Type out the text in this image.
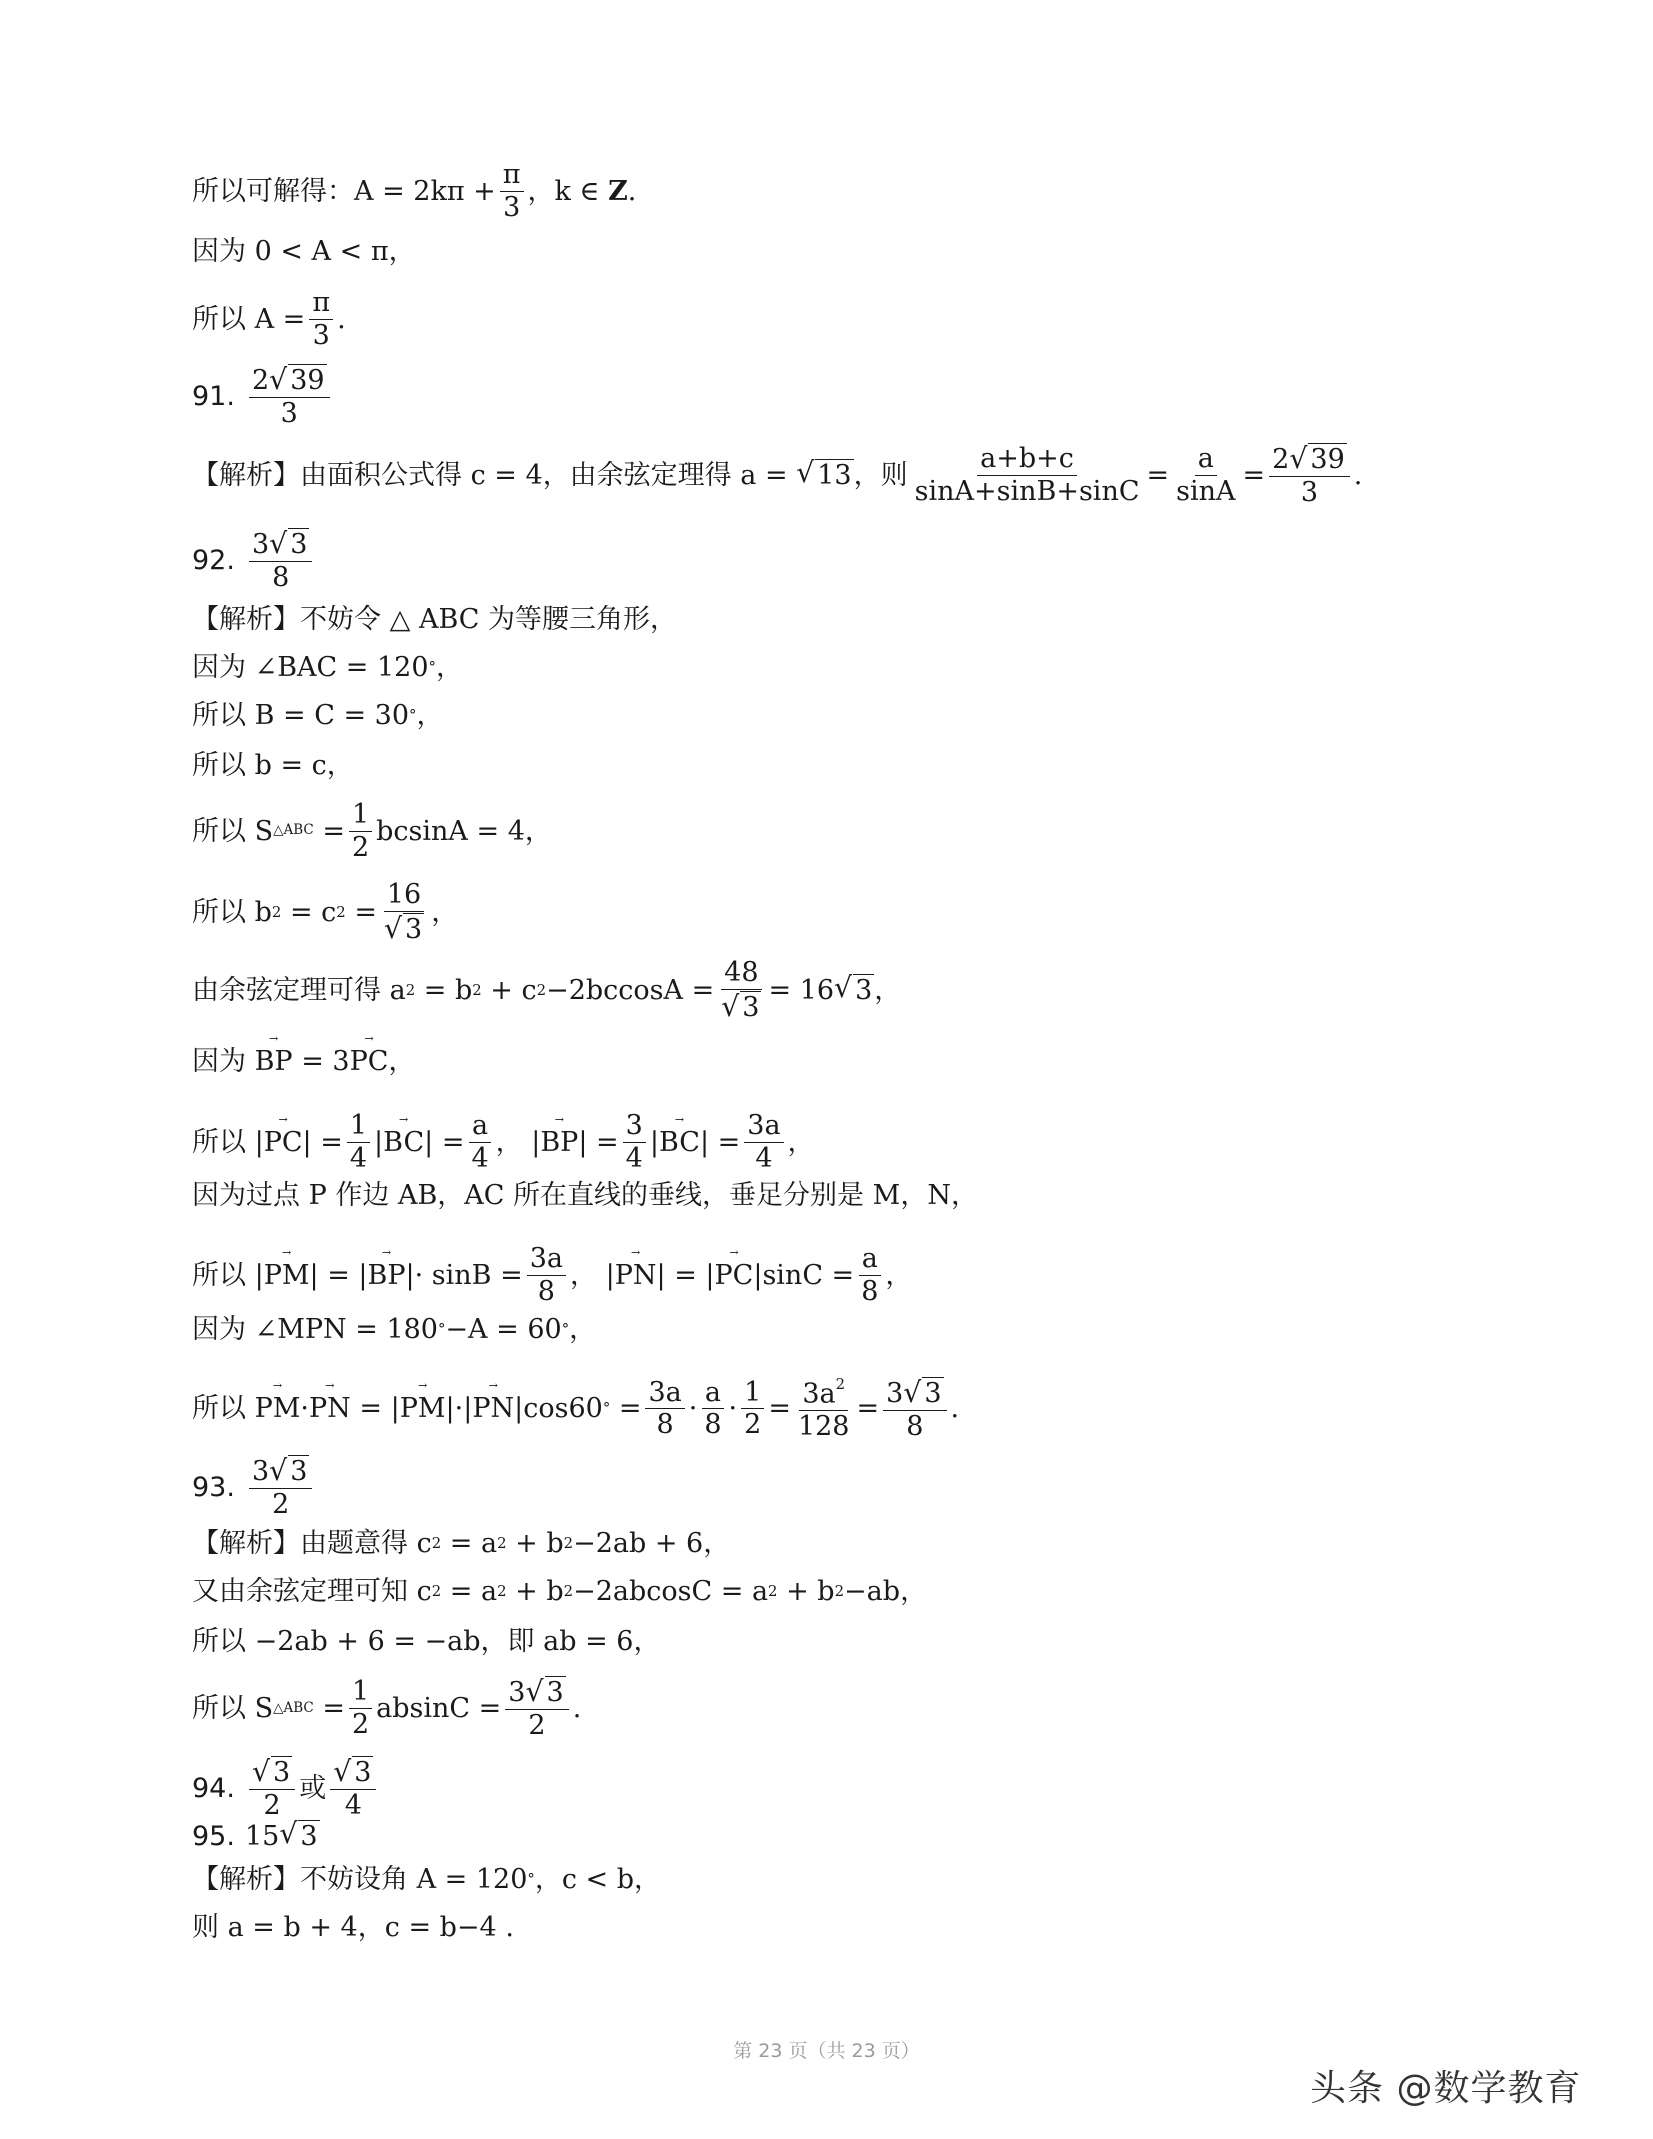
所以可解得： $A = 2k\pi + \frac{\pi}{3}$ ， k ∈
Z .
因为
0 < A < π ，
所以
$A = \frac{\pi}{3}$ .
91. $\frac{2 √ 39}{3}$
【解析】由面积公式得
c = 4 ，由余弦定理得
a =
√ 13 ，则 $\frac{a+b+c}{\sin A+\sin B+\sin C} = \frac{a}{\sin A} = \frac{2 √ 39}{3}$ .
92. $\frac{3 √ 3}{8}$
【解析】不妨令
△ ABC
为等腰三角形，
因为
∠BAC = 120 ° ，
所以
B = C = 30 ° ，
所以
b = c ，
所以
S △ABC
= $\frac{1}{2}$ bcsinA = 4 ，
所以
b 2
= c 2
= $\frac{16}{√ 3}$ ，
由余弦定理可得
a 2
= b 2
+ c $2 -2bccosA = \frac{48}{√ 3} = 16$ √ 3 ，
因为

→ BP
= 3
→ PC ，
所以

→ |PC|
= $\frac{1}{4}$
→ |BC|
= $\frac{a}{4}$ ，

→ |BP|
= $\frac{3}{4}$
→ |BC|
= $\frac{3a}{4}$ ，
因为过点
P
作边
AB ， AC
所在直线的垂线，垂足分别是
M ， N ，
所以

→ |PM|
=

→ $|BP| \cdot \sin B = \frac{3a}{8}$ ，

→ |PN|
=

→ |PC| $\sin C = \frac{a}{8}$ ，
因为
∠MPN = 180 ° −A = 60 ° ，
所以

→ PM ·
→ PN
=

→ |PM| ·
→ |PN| cos60 °
= $\frac{3a}{8} \cdot \frac{a}{8} \cdot \frac{1}{2} = \frac{3a^2}{128} = \frac{3 √ 3}{8}$ .
93. $\frac{3 √ 3}{2}$
【解析】由题意得
c 2
= a 2
+ b 2 −2ab + 6 ，
又由余弦定理可知
c 2
= a 2
+ b 2 −2abcosC = a 2
+ b 2 −ab ，
所以
−2ab + 6 = −ab ，即
ab = 6 ，
所以
S △ABC
= $\frac{1}{2}$ $absinC = \frac{3 √ 3}{2}$ .
94. $\frac{√ 3}{2}$ 或 $\frac{√ 3}{4}$
95. 15 √ 3
【解析】不妨设角
A = 120 ° ， c < b ，
则
a = b + 4 ， c = b−4
.
第 23 页（共 23 页）
头条 @数学教育
